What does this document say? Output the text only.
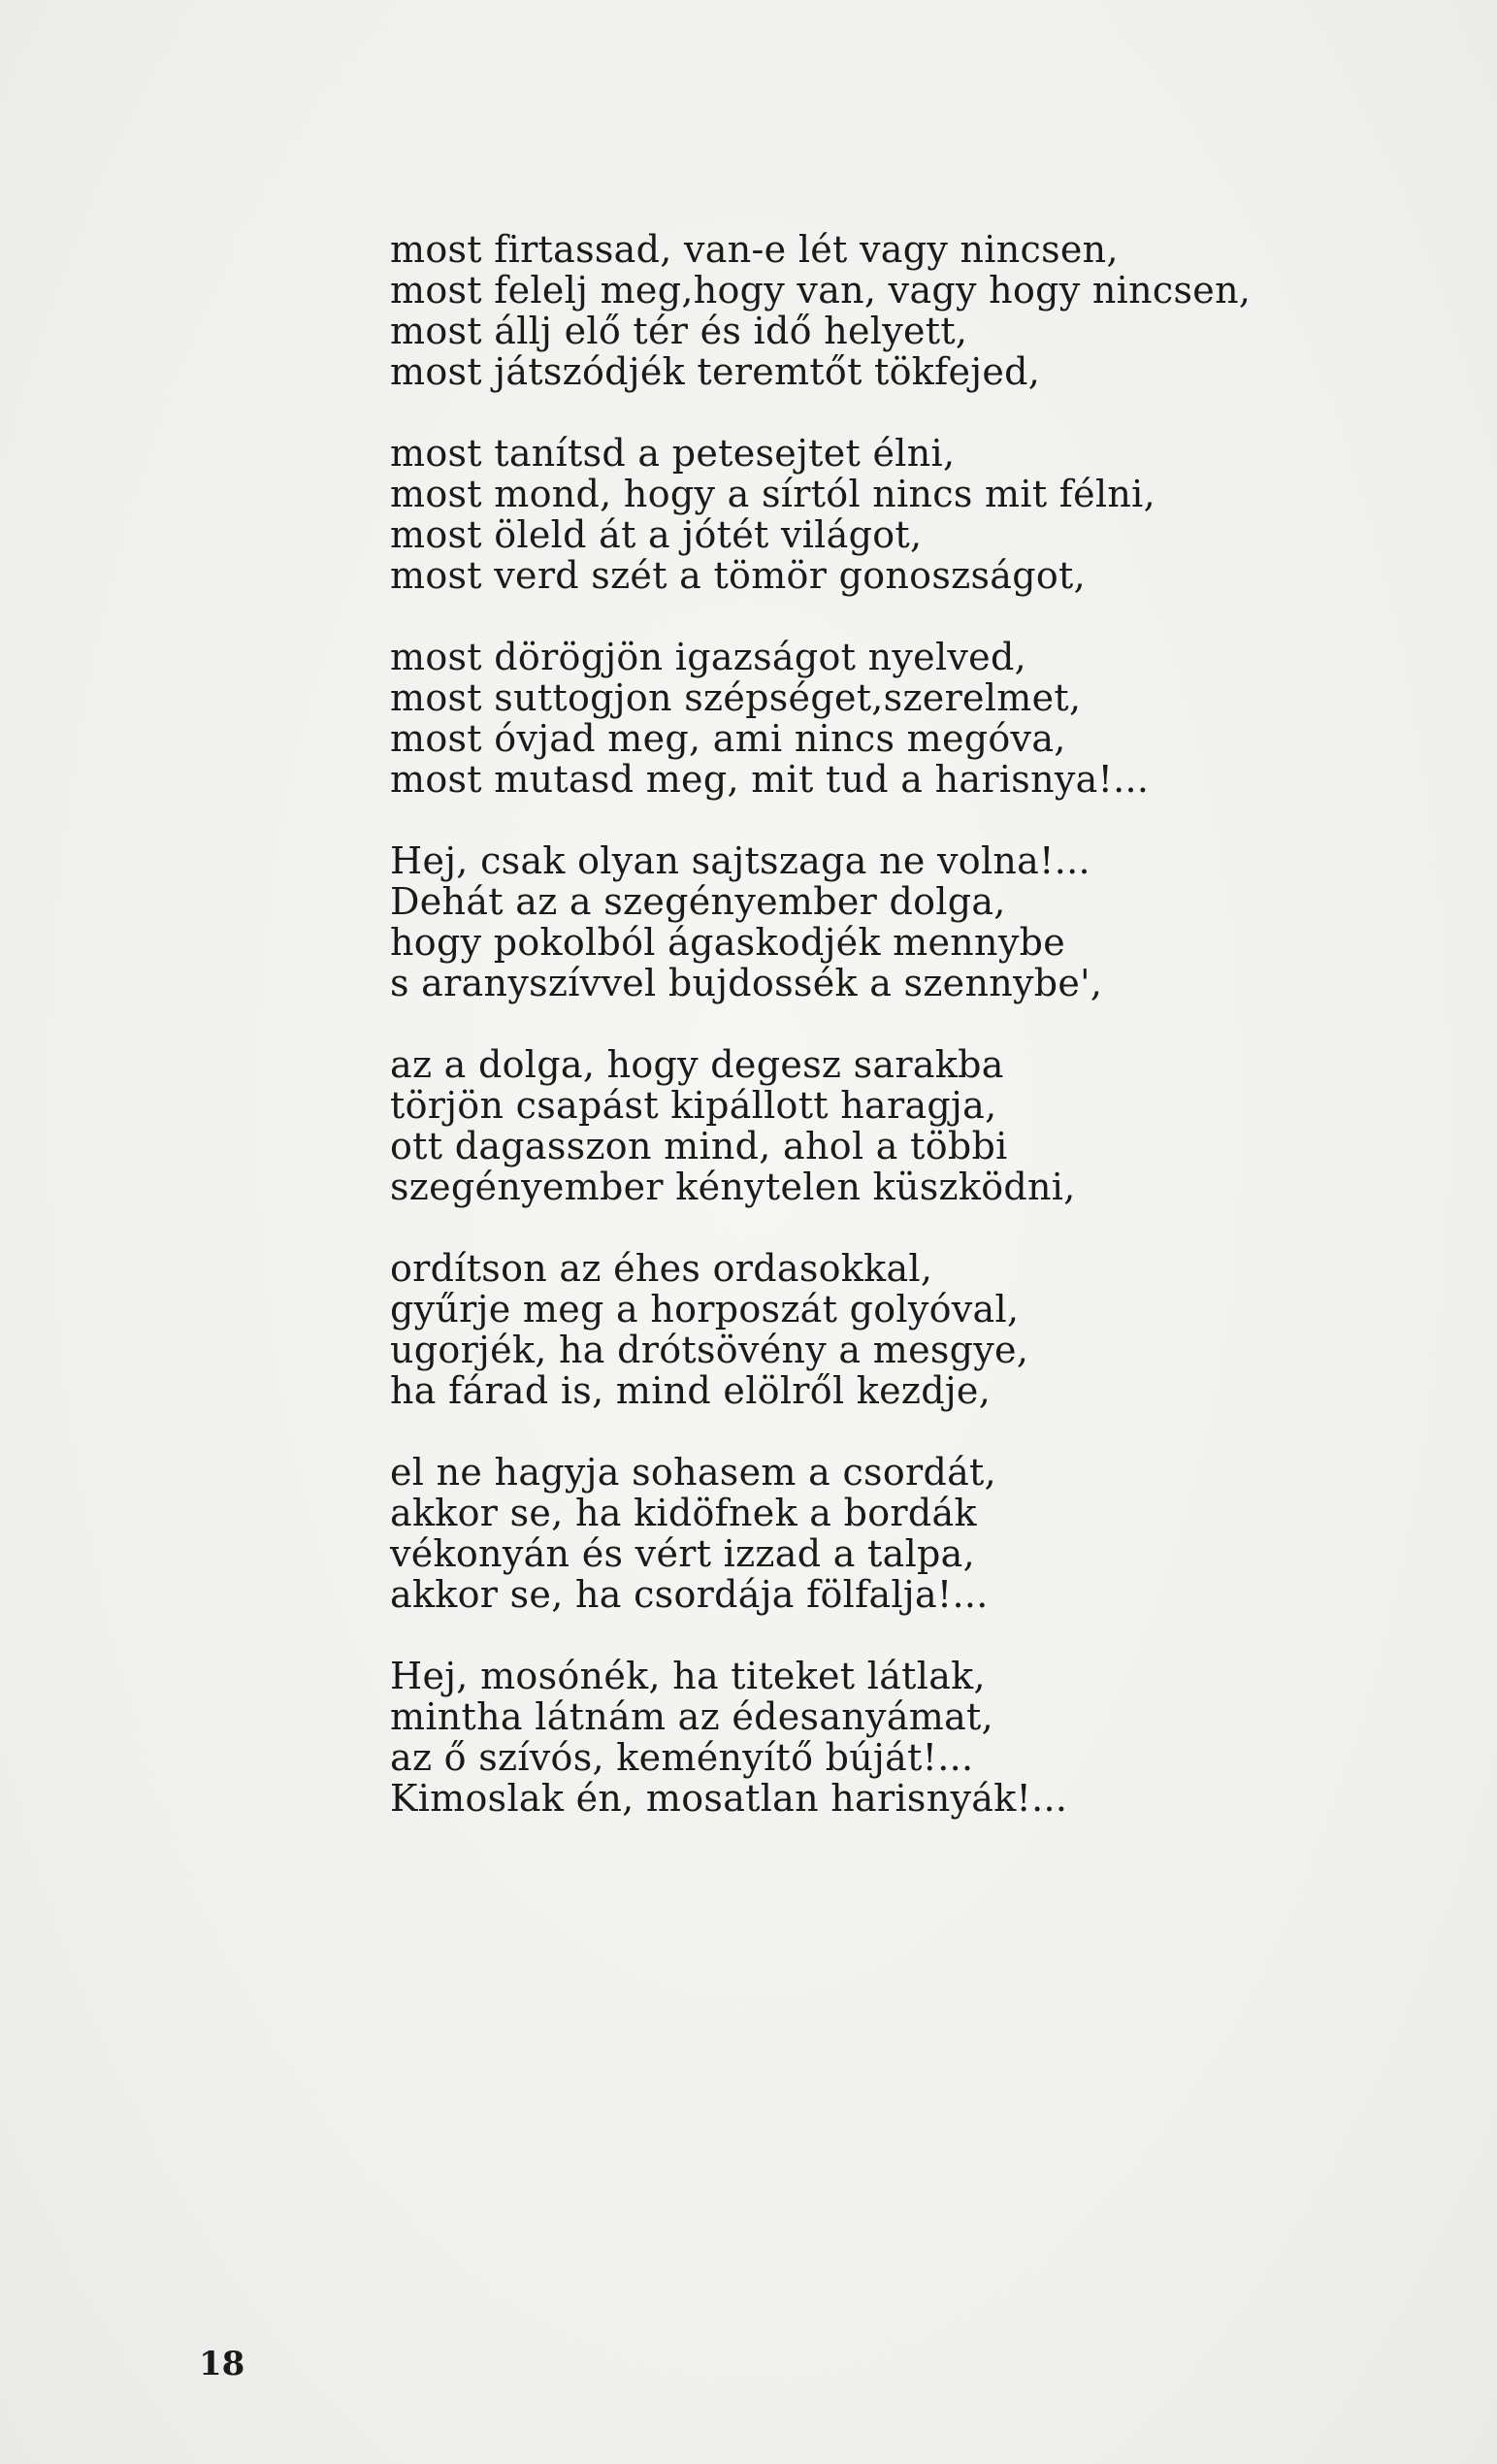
most firtassad, van-e lét vagy nincsen,
most felelj meg,hogy van, vagy hogy nincsen,
most állj elő tér és idő helyett,
most játszódjék teremtőt tökfejed,
most tanítsd a petesejtet élni,
most mond, hogy a sírtól nincs mit félni,
most öleld át a jótét világot,
most verd szét a tömör gonoszságot,
most dörögjön igazságot nyelved,
most suttogjon szépséget,szerelmet,
most óvjad meg, ami nincs megóva,
most mutasd meg, mit tud a harisnya!...
Hej, csak olyan sajtszaga ne volna!...
Dehát az a szegényember dolga,
hogy pokolból ágaskodjék mennybe
s aranyszívvel bujdossék a szennybe',
az a dolga, hogy degesz sarakba
törjön csapást kipállott haragja,
ott dagasszon mind, ahol a többi
szegényember kénytelen küszködni,
ordítson az éhes ordasokkal,
gyűrje meg a horposzát golyóval,
ugorjék, ha drótsövény a mesgye,
ha fárad is, mind elölről kezdje,
el ne hagyja sohasem a csordát,
akkor se, ha kidöfnek a bordák
vékonyán és vért izzad a talpa,
akkor se, ha csordája fölfalja!...
Hej, mosónék, ha titeket látlak,
mintha látnám az édesanyámat,
az ő szívós, keményítő búját!...
Kimoslak én, mosatlan harisnyák!...
18
